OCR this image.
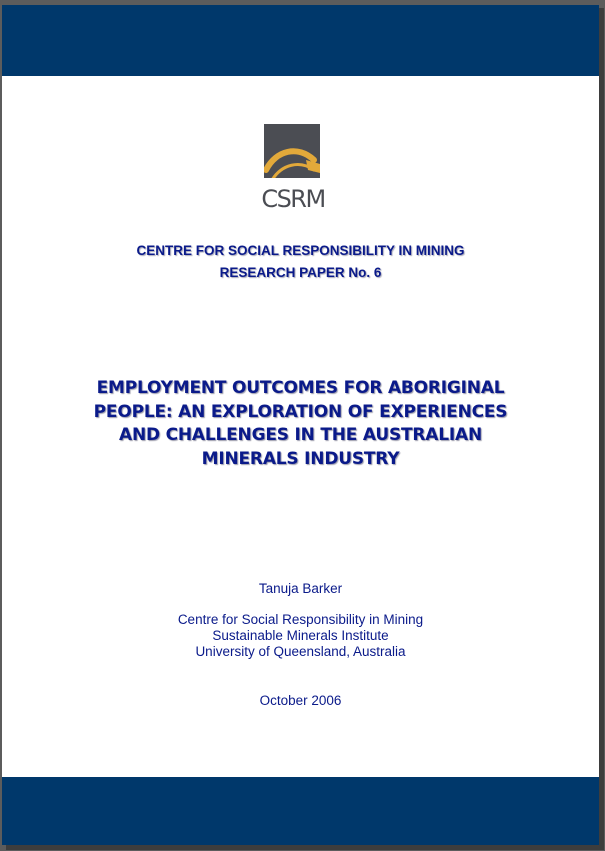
CSRM
CENTRE FOR SOCIAL RESPONSIBILITY IN MINING
RESEARCH PAPER No. 6
EMPLOYMENT OUTCOMES FOR ABORIGINAL
PEOPLE: AN EXPLORATION OF EXPERIENCES
AND CHALLENGES IN THE AUSTRALIAN
MINERALS INDUSTRY
Tanuja Barker
Centre for Social Responsibility in Mining
Sustainable Minerals Institute
University of Queensland, Australia
October 2006
